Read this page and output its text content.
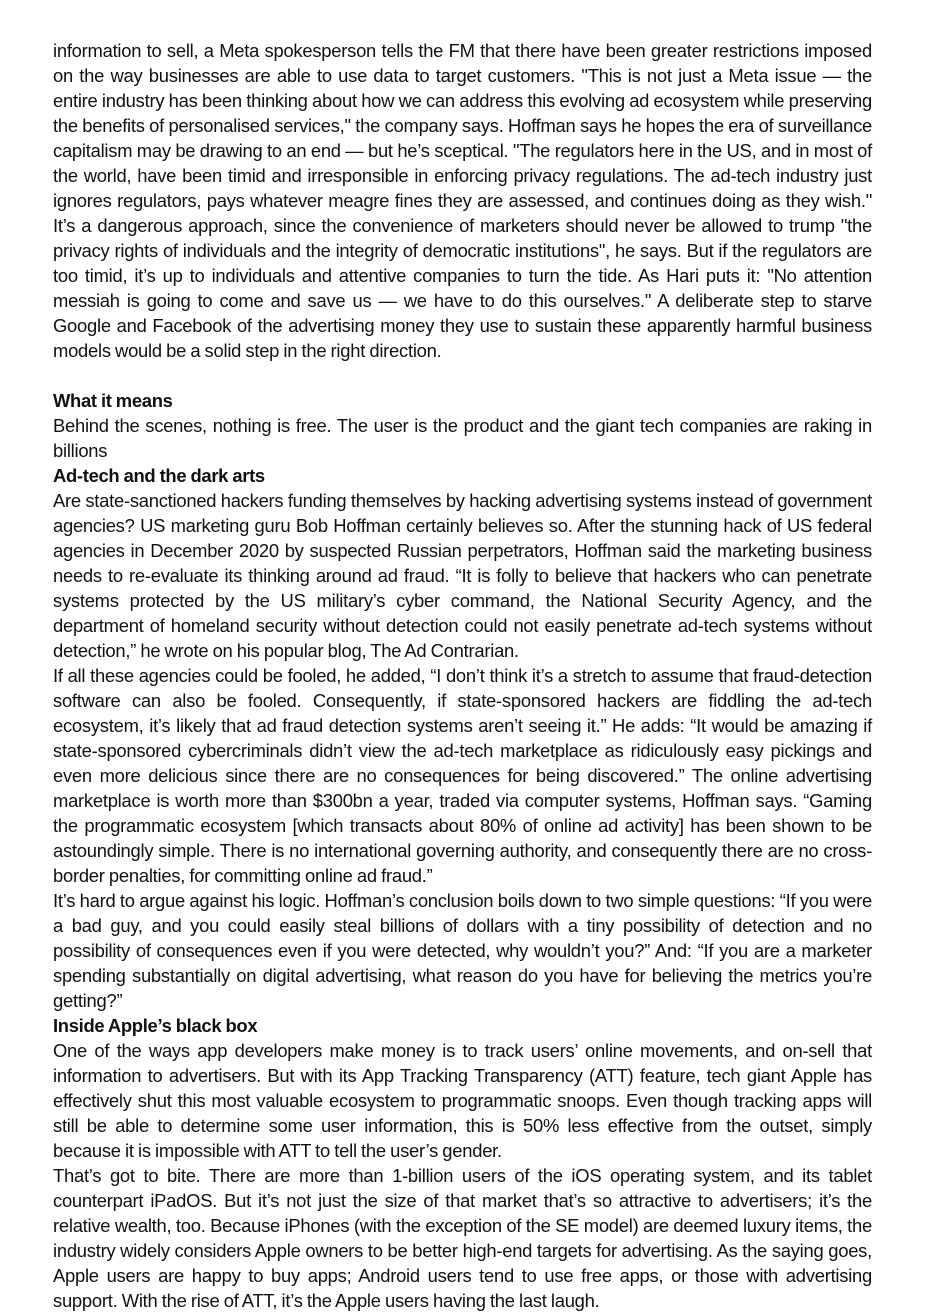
information to sell, a Meta spokesperson tells the FM that there have been greater restrictions imposed on the way businesses are able to use data to target customers. "This is not just a Meta issue — the entire industry has been thinking about how we can address this evolving ad ecosystem while preserving the benefits of personalised services," the company says. Hoffman says he hopes the era of surveillance capitalism may be drawing to an end — but he’s sceptical. "The regulators here in the US, and in most of the world, have been timid and irresponsible in enforcing privacy regulations. The ad-tech industry just ignores regulators, pays whatever meagre fines they are assessed, and continues doing as they wish." It’s a dangerous approach, since the convenience of marketers should never be allowed to trump "the privacy rights of individuals and the integrity of democratic institutions", he says. But if the regulators are too timid, it’s up to individuals and attentive companies to turn the tide. As Hari puts it: "No attention messiah is going to come and save us — we have to do this ourselves." A deliberate step to starve Google and Facebook of the advertising money they use to sustain these apparently harmful business models would be a solid step in the right direction.

What it means

Behind the scenes, nothing is free. The user is the product and the giant tech companies are raking in billions

Ad-tech and the dark arts

Are state-sanctioned hackers funding themselves by hacking advertising systems instead of government agencies? US marketing guru Bob Hoffman certainly believes so. After the stunning hack of US federal agencies in December 2020 by suspected Russian perpetrators, Hoffman said the marketing business needs to re-evaluate its thinking around ad fraud. “It is folly to believe that hackers who can penetrate systems protected by the US military’s cyber command, the National Security Agency, and the department of homeland security without detection could not easily penetrate ad-tech systems without detection,” he wrote on his popular blog, The Ad Contrarian.

If all these agencies could be fooled, he added, “I don’t think it’s a stretch to assume that fraud-detection software can also be fooled. Consequently, if state-sponsored hackers are fiddling the ad-tech ecosystem, it’s likely that ad fraud detection systems aren’t seeing it.” He adds: “It would be amazing if state-sponsored cybercriminals didn’t view the ad-tech marketplace as ridiculously easy pickings and even more delicious since there are no consequences for being discovered.” The online advertising marketplace is worth more than $300bn a year, traded via computer systems, Hoffman says. “Gaming the programmatic ecosystem [which transacts about 80% of online ad activity] has been shown to be astoundingly simple. There is no international governing authority, and consequently there are no cross-border penalties, for committing online ad fraud.”

It’s hard to argue against his logic. Hoffman’s conclusion boils down to two simple questions: “If you were a bad guy, and you could easily steal billions of dollars with a tiny possibility of detection and no possibility of consequences even if you were detected, why wouldn’t you?” And: “If you are a marketer spending substantially on digital advertising, what reason do you have for believing the metrics you’re getting?”

Inside Apple’s black box

One of the ways app developers make money is to track users’ online movements, and on-sell that information to advertisers. But with its App Tracking Transparency (ATT) feature, tech giant Apple has effectively shut this most valuable ecosystem to programmatic snoops. Even though tracking apps will still be able to determine some user information, this is 50% less effective from the outset, simply because it is impossible with ATT to tell the user’s gender.

That’s got to bite. There are more than 1-billion users of the iOS operating system, and its tablet counterpart iPadOS. But it’s not just the size of that market that’s so attractive to advertisers; it’s the relative wealth, too. Because iPhones (with the exception of the SE model) are deemed luxury items, the industry widely considers Apple owners to be better high-end targets for advertising. As the saying goes, Apple users are happy to buy apps; Android users tend to use free apps, or those with advertising support. With the rise of ATT, it’s the Apple users having the last laugh.
